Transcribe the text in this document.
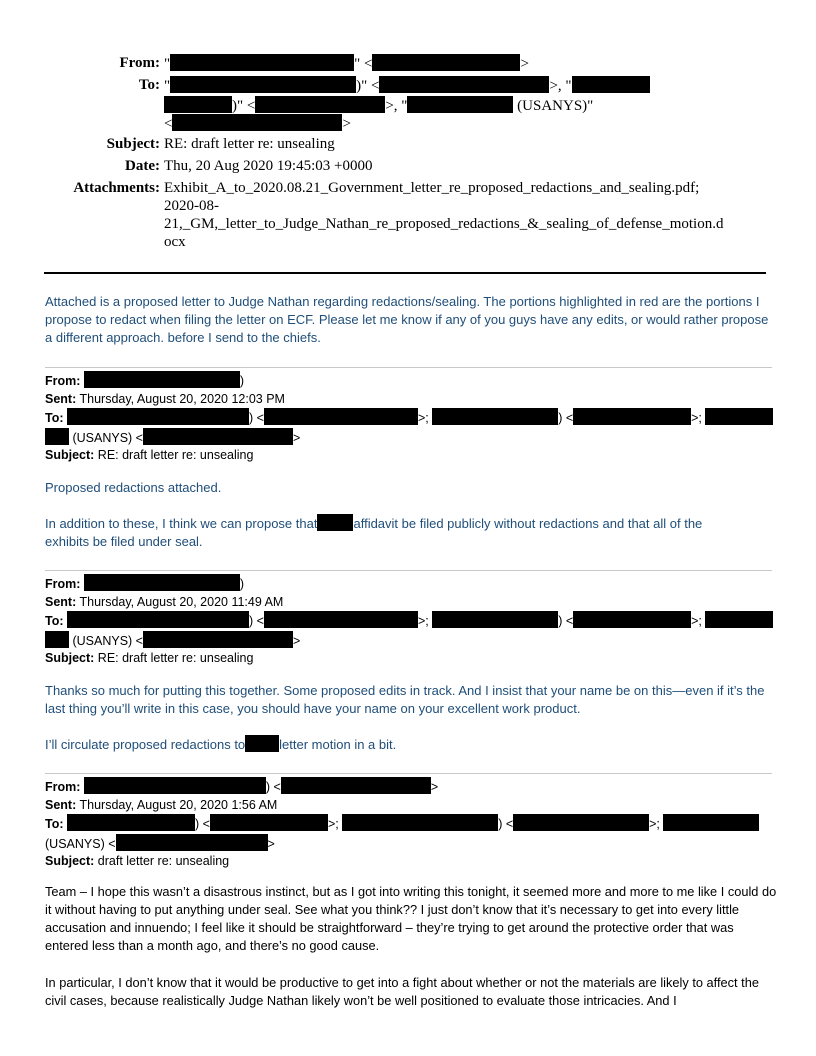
From: "	" <	>
To: "	)" <	>, "
)" <	>, "	(USANYS)"
<	>
Subject: RE: draft letter re: unsealing
Date: Thu, 20 Aug 2020 19:45:03 +0000
Attachments: Exhibit_A_to_2020.08.21_Government_letter_re_proposed_redactions_and_sealing.pdf;
2020-08-
21,_GM,_letter_to_Judge_Nathan_re_proposed_redactions_&_sealing_of_defense_motion.d
ocx
Attached is a proposed letter to Judge Nathan regarding redactions/sealing. The portions highlighted in red are the portions I propose to redact when filing the letter on ECF. Please let me know if any of you guys have any edits, or would rather propose a different approach. before I send to the chiefs.
From:	)
Sent: Thursday, August 20, 2020 12:03 PM
To:	) <	>;	) <	>;
(USANYS) <	>
Subject: RE: draft letter re: unsealing
Proposed redactions attached.
In addition to these, I think we can propose that	affidavit be filed publicly without redactions and that all of the
exhibits be filed under seal.
From:	)
Sent: Thursday, August 20, 2020 11:49 AM
To:	) <	>;	) <	>;
(USANYS) <	>
Subject: RE: draft letter re: unsealing
Thanks so much for putting this together. Some proposed edits in track. And I insist that your name be on this—even if it’s the last thing you’ll write in this case, you should have your name on your excellent work product.
I’ll circulate proposed redactions to	letter motion in a bit.
From:	) <	>
Sent: Thursday, August 20, 2020 1:56 AM
To:	) <	>;	) <	>;
(USANYS) <	>
Subject: draft letter re: unsealing
Team – I hope this wasn’t a disastrous instinct, but as I got into writing this tonight, it seemed more and more to me like I could do it without having to put anything under seal. See what you think?? I just don’t know that it’s necessary to get into every little accusation and innuendo; I feel like it should be straightforward – they’re trying to get around the protective order that was entered less than a month ago, and there’s no good cause.
In particular, I don’t know that it would be productive to get into a fight about whether or not the materials are likely to affect the civil cases, because realistically Judge Nathan likely won’t be well positioned to evaluate those intricacies. And I
